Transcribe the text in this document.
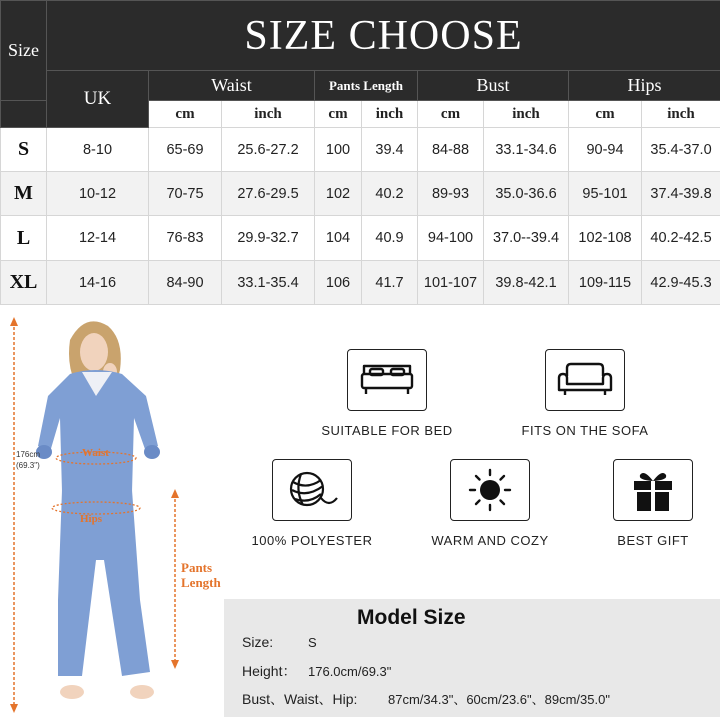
Size	SIZE CHOOSE								
	UK	Waist		Pants Length		Bust		Hips	
		cm	inch	cm	inch	cm	inch	cm	inch
S	8-10	65-69	25.6-27.2	100	39.4	84-88	33.1-34.6	90-94	35.4-37.0
M	10-12	70-75	27.6-29.5	102	40.2	89-93	35.0-36.6	95-101	37.4-39.8
L	12-14	76-83	29.9-32.7	104	40.9	94-100	37.0--39.4	102-108	40.2-42.5
XL	14-16	84-90	33.1-35.4	106	41.7	101-107	39.8-42.1	109-115	42.9-45.3
176cm
(69.3")
Waist
Hips
Pants
Length
SUITABLE FOR BED	FITS ON THE SOFA
100% POLYESTER	WARM AND COZY	BEST GIFT
Model Size
Size:	S
Height： 176.0cm/69.3"
Bust、Waist、Hip: 87cm/34.3"、60cm/23.6"、89cm/35.0"
